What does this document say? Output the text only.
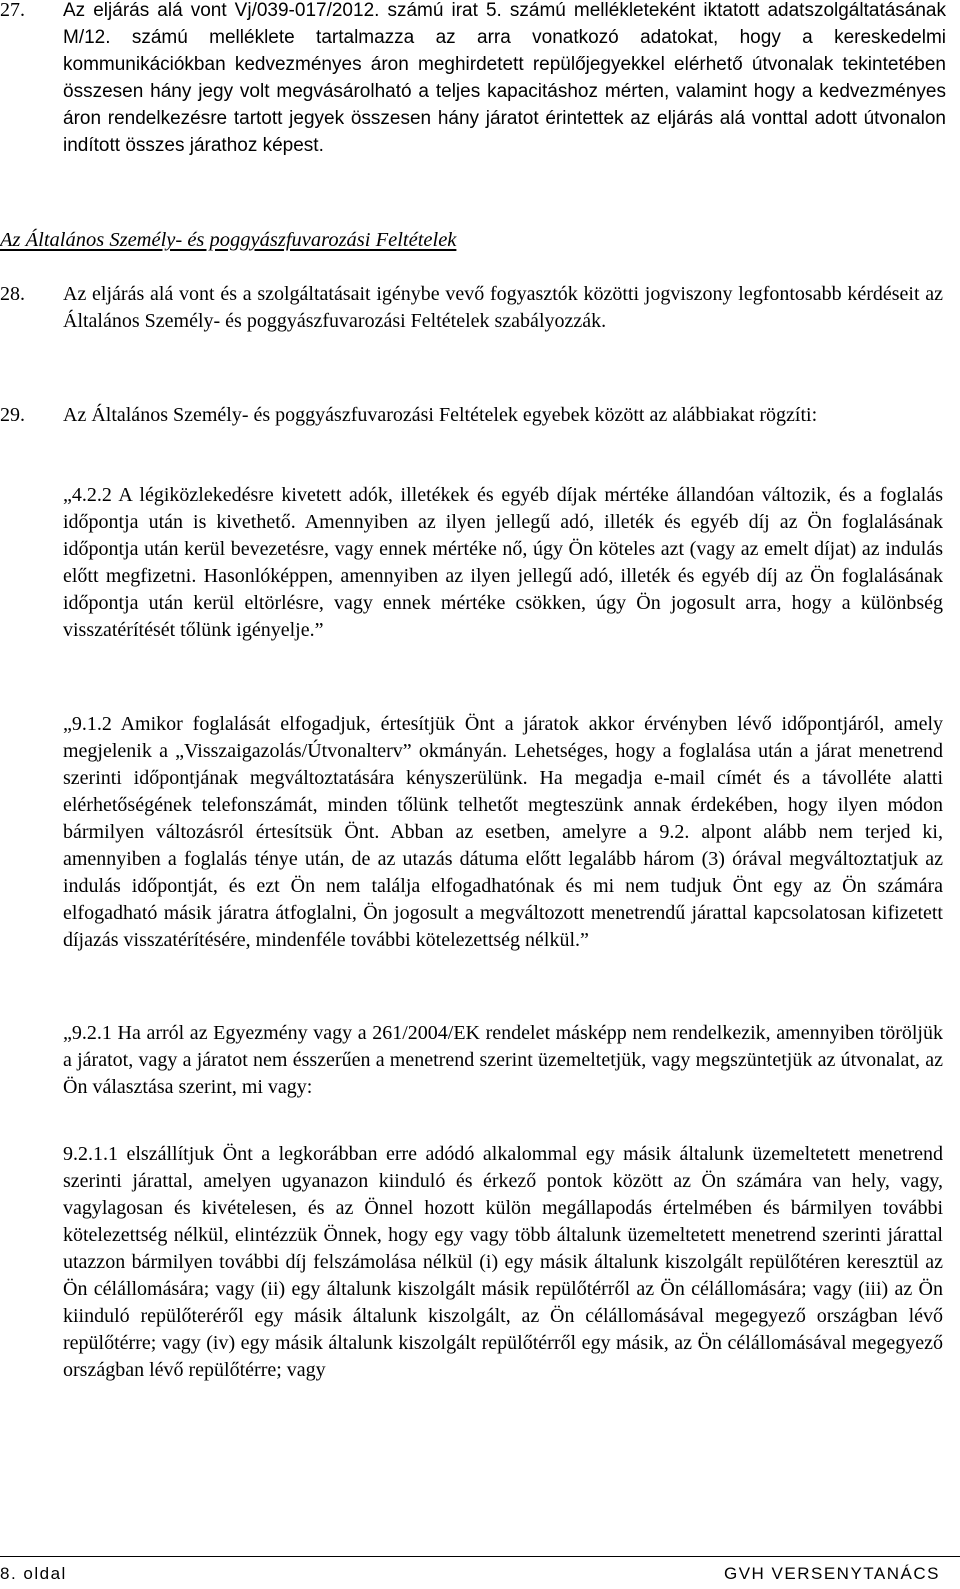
27. Az eljárás alá vont Vj/039-017/2012. számú irat 5. számú mellékleteként iktatott adatszolgáltatásának M/12. számú melléklete tartalmazza az arra vonatkozó adatokat, hogy a kereskedelmi kommunikációkban kedvezményes áron meghirdetett repülőjegyekkel elérhető útvonalak tekintetében összesen hány jegy volt megvásárolható a teljes kapacitáshoz mérten, valamint hogy a kedvezményes áron rendelkezésre tartott jegyek összesen hány járatot érintettek az eljárás alá vonttal adott útvonalon indított összes járathoz képest.
Az Általános Személy- és poggyászfuvarozási Feltételek
28. Az eljárás alá vont és a szolgáltatásait igénybe vevő fogyasztók közötti jogviszony legfontosabb kérdéseit az Általános Személy- és poggyászfuvarozási Feltételek szabályozzák.
29. Az Általános Személy- és poggyászfuvarozási Feltételek egyebek között az alábbiakat rögzíti:
„4.2.2 A légiközlekedésre kivetett adók, illetékek és egyéb díjak mértéke állandóan változik, és a foglalás időpontja után is kivethető. Amennyiben az ilyen jellegű adó, illeték és egyéb díj az Ön foglalásának időpontja után kerül bevezetésre, vagy ennek mértéke nő, úgy Ön köteles azt (vagy az emelt díjat) az indulás előtt megfizetni. Hasonlóképpen, amennyiben az ilyen jellegű adó, illeték és egyéb díj az Ön foglalásának időpontja után kerül eltörlésre, vagy ennek mértéke csökken, úgy Ön jogosult arra, hogy a különbség visszatérítését tőlünk igényelje.”
„9.1.2 Amikor foglalását elfogadjuk, értesítjük Önt a járatok akkor érvényben lévő időpontjáról, amely megjelenik a „Visszaigazolás/Útvonalterv” okmányán. Lehetséges, hogy a foglalása után a járat menetrend szerinti időpontjának megváltoztatására kényszerülünk. Ha megadja e-mail címét és a távolléte alatti elérhetőségének telefonszámát, minden tőlünk telhetőt megteszünk annak érdekében, hogy ilyen módon bármilyen változásról értesítsük Önt. Abban az esetben, amelyre a 9.2. alpont alább nem terjed ki, amennyiben a foglalás ténye után, de az utazás dátuma előtt legalább három (3) órával megváltoztatjuk az indulás időpontját, és ezt Ön nem találja elfogadhatónak és mi nem tudjuk Önt egy az Ön számára elfogadható másik járatra átfoglalni, Ön jogosult a megváltozott menetrendű járattal kapcsolatosan kifizetett díjazás visszatérítésére, mindenféle további kötelezettség nélkül.”
„9.2.1 Ha arról az Egyezmény vagy a 261/2004/EK rendelet másképp nem rendelkezik, amennyiben töröljük a járatot, vagy a járatot nem ésszerűen a menetrend szerint üzemeltetjük, vagy megszüntetjük az útvonalat, az Ön választása szerint, mi vagy:
9.2.1.1 elszállítjuk Önt a legkorábban erre adódó alkalommal egy másik általunk üzemeltetett menetrend szerinti járattal, amelyen ugyanazon kiinduló és érkező pontok között az Ön számára van hely, vagy, vagylagosan és kivételesen, és az Önnel hozott külön megállapodás értelmében és bármilyen további kötelezettség nélkül, elintézzük Önnek, hogy egy vagy több általunk üzemeltetett menetrend szerinti járattal utazzon bármilyen további díj felszámolása nélkül (i) egy másik általunk kiszolgált repülőtéren keresztül az Ön célállomására; vagy (ii) egy általunk kiszolgált másik repülőtérről az Ön célállomására; vagy (iii) az Ön kiinduló repülőteréről egy másik általunk kiszolgált, az Ön célállomásával megegyező országban lévő repülőtérre; vagy (iv) egy másik általunk kiszolgált repülőtérről egy másik, az Ön célállomásával megegyező országban lévő repülőtérre; vagy
8. oldal	GVH VERSENYTANÁCS
